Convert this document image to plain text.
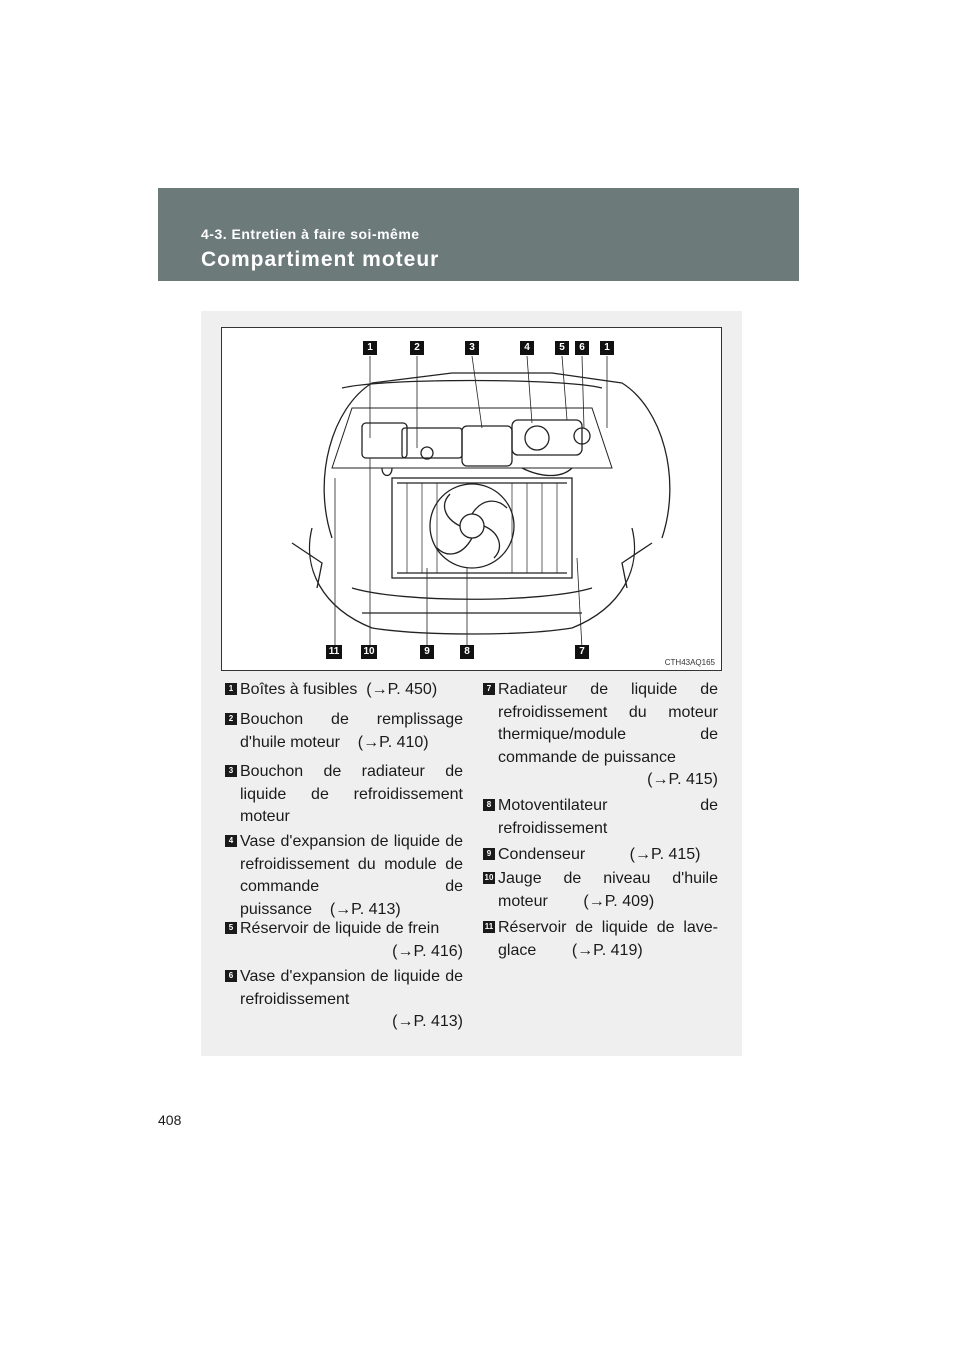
4-3. Entretien à faire soi-même
Compartiment moteur
1	2	3	4	5	6	1
11 10	9	8	7
CTH43AQ165
1 Boîtes à fusibles (→P. 450)
2 Bouchon de remplissage d'huile moteur (→P. 410)
3 Bouchon de radiateur de liquide de refroidissement moteur
4 Vase d'expansion de liquide de refroidissement du module de commande de puissance (→P. 413)
5 Réservoir de liquide de frein
(→P. 416)
6 Vase d'expansion de liquide de refroidissement
(→P. 413)
7 Radiateur de liquide de refroidissement du moteur thermique/module de commande de puissance
(→P. 415)
8 Motoventilateur de refroidissement
9 Condenseur	(→P. 415)
10 Jauge de niveau d'huile moteur (→P. 409)
11 Réservoir de liquide de lave-glace (→P. 419)
408
